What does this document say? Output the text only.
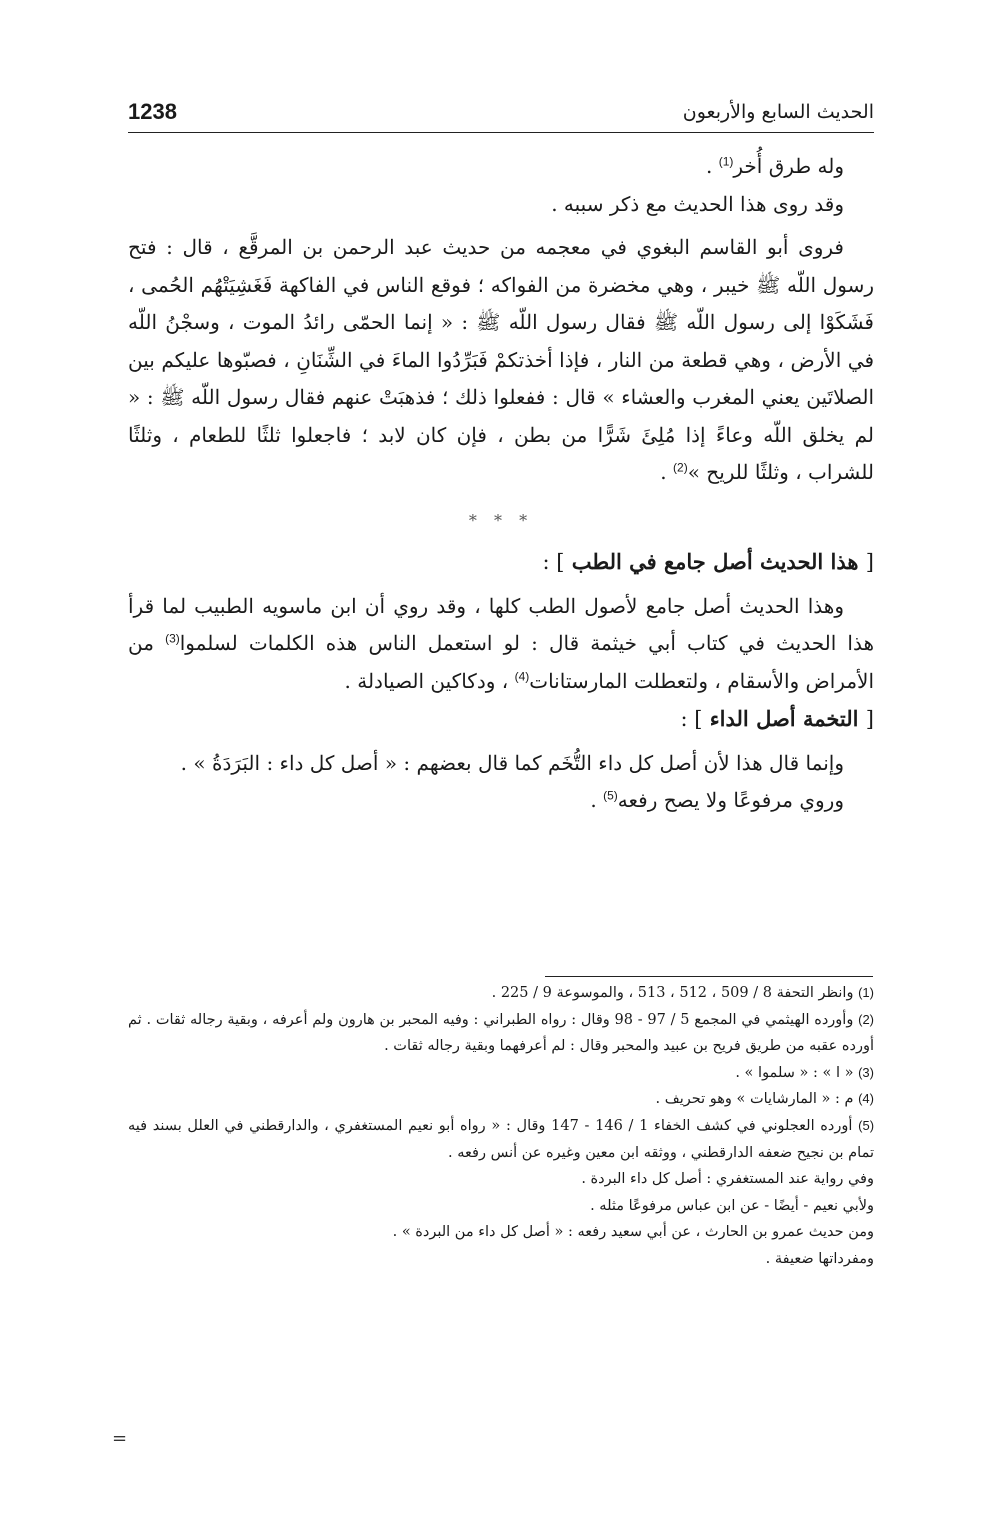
1238	الحديث السابع والأربعون

وله طرق أُخر$^{(1)}$ .

وقد روى هذا الحديث مع ذكر سببه .

فروى أبو القاسم البغوي في معجمه من حديث عبد الرحمن بن المرقَّع ، قال : فتح رسول اللّه ﷺ خيبر ، وهي مخضرة من الفواكه ؛ فوقع الناس في الفاكهة فَغَشِيَتْهُم الحُمى ، فَشَكَوْا إلى رسول اللّه ﷺ فقال رسول اللّه ﷺ : « إنما الحمّى رائدُ الموت ، وسجْنُ اللّه في الأرض ، وهي قطعة من النار ، فإذا أخذتكمْ فَبَرِّدُوا الماءَ في الشِّنَانِ ، فصبّوها عليكم بين الصلاتَين يعني المغرب والعشاء » قال : ففعلوا ذلك ؛ فذهبَتْ عنهم فقال رسول اللّه ﷺ : « لم يخلق اللّه وعاءً إذا مُلِئَ شَرًّا من بطن ، فإن كان لابد ؛ فاجعلوا ثلثًا للطعام ، وثلثًا للشراب ، وثلثًا للريح »$^{(2)}$ .

* * *

[ هذا الحديث أصل جامع في الطب ] :

وهذا الحديث أصل جامع لأصول الطب كلها ، وقد روي أن ابن ماسويه الطبيب لما قرأ هذا الحديث في كتاب أبي خيثمة قال : لو استعمل الناس هذه الكلمات لسلموا$^{(3)}$ من الأمراض والأسقام ، ولتعطلت المارستانات$^{(4)}$ ، ودكاكين الصيادلة .

[ التخمة أصل الداء ] :

وإنما قال هذا لأن أصل كل داء التُّخَم كما قال بعضهم : « أصل كل داء : البَرَدَةُ » .

وروي مرفوعًا ولا يصح رفعه$^{(5)}$ .

(1) وانظر التحفة 8 / 509 ، 512 ، 513 ، والموسوعة 9 / 225 .

(2) وأورده الهيثمي في المجمع 5 / 97 - 98 وقال : رواه الطبراني : وفيه المحبر بن هارون ولم أعرفه ، وبقية رجاله ثقات . ثم أورده عقبه من طريق فريح بن عبيد والمحبر وقال : لم أعرفهما وبقية رجاله ثقات .

(3) « ا » : « سلموا » .

(4) م : « المارشايات » وهو تحريف .

(5) أورده العجلوني في كشف الخفاء 1 / 146 - 147 وقال : « رواه أبو نعيم المستغفري ، والدارقطني في العلل بسند فيه تمام بن نجيح ضعفه الدارقطني ، ووثقه ابن معين وغيره عن أنس رفعه .

وفي رواية عند المستغفري : أصل كل داء البردة .

ولأبي نعيم - أيضًا - عن ابن عباس مرفوعًا مثله .

ومن حديث عمرو بن الحارث ، عن أبي سعيد رفعه : « أصل كل داء من البردة » .

ومفرداتها ضعيفة .

=
